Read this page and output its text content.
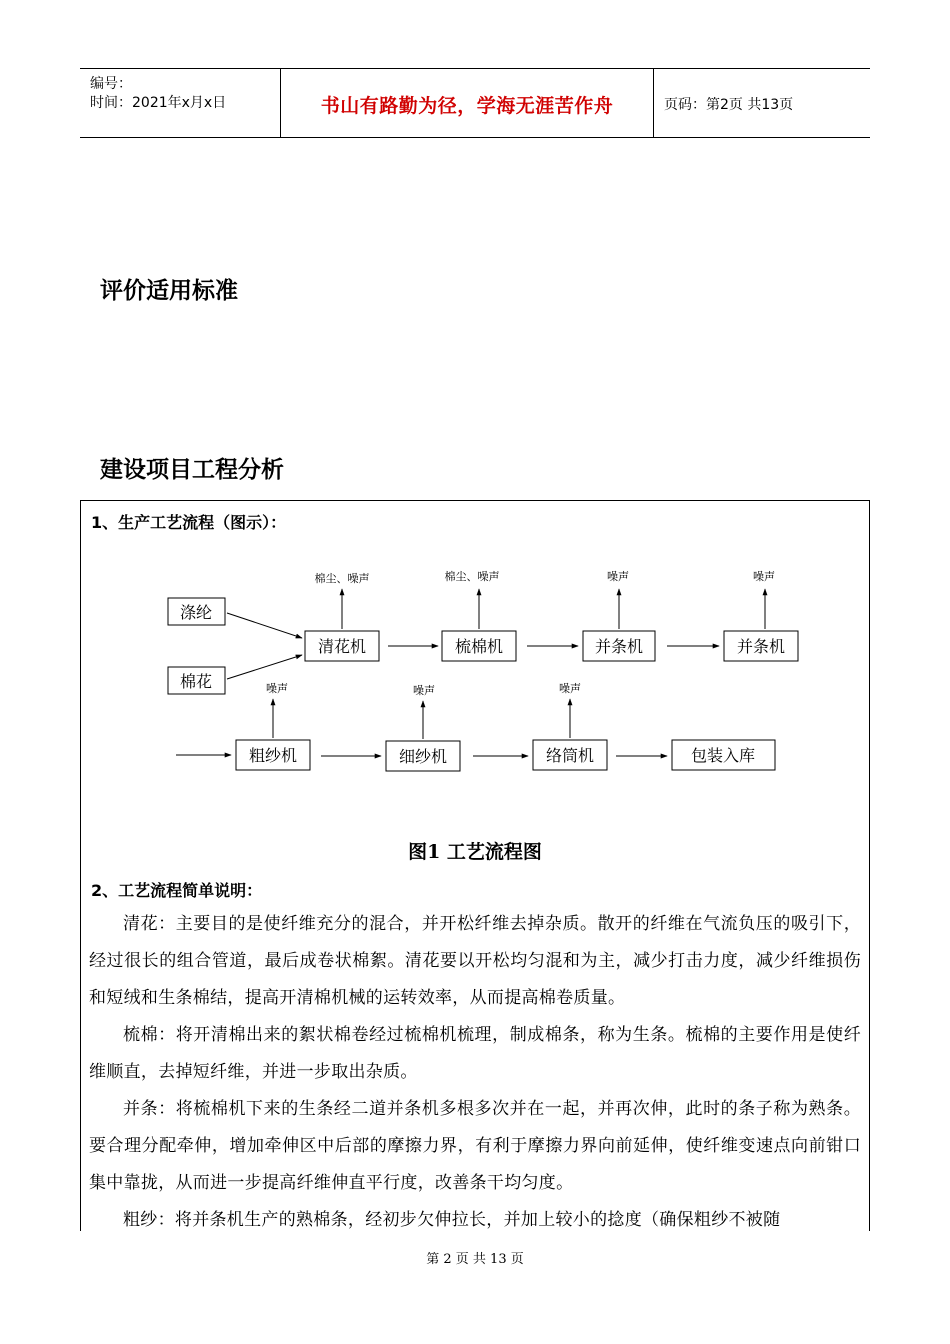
编号：
时间：2021年x月x日	书山有路勤为径，学海无涯苦作舟	页码：第2页 共13页
评价适用标准
建设项目工程分析
1、生产工艺流程（图示）：
涤纶
棉花
清花机	梳棉机	并条机	并条机
粗纱机	细纱机	络筒机	包装入库
棉尘、噪声	棉尘、噪声	噪声	噪声
噪声	噪声	噪声
图1 工艺流程图
2、工艺流程简单说明：

清花：主要目的是使纤维充分的混合，并开松纤维去掉杂质。散开的纤维在气流负压的吸引下，经过很长的组合管道，最后成卷状棉絮。清花要以开松均匀混和为主，减少打击力度，减少纤维损伤和短绒和生条棉结，提高开清棉机械的运转效率，从而提高棉卷质量。

梳棉：将开清棉出来的絮状棉卷经过梳棉机梳理，制成棉条，称为生条。梳棉的主要作用是使纤维顺直，去掉短纤维，并进一步取出杂质。

并条：将梳棉机下来的生条经二道并条机多根多次并在一起，并再次伸，此时的条子称为熟条。要合理分配牵伸，增加牵伸区中后部的摩擦力界，有利于摩擦力界向前延伸，使纤维变速点向前钳口集中靠拢，从而进一步提高纤维伸直平行度，改善条干均匀度。

粗纱：将并条机生产的熟棉条，经初步欠伸拉长，并加上较小的捻度（确保粗纱不被随

第 2 页 共 13 页
